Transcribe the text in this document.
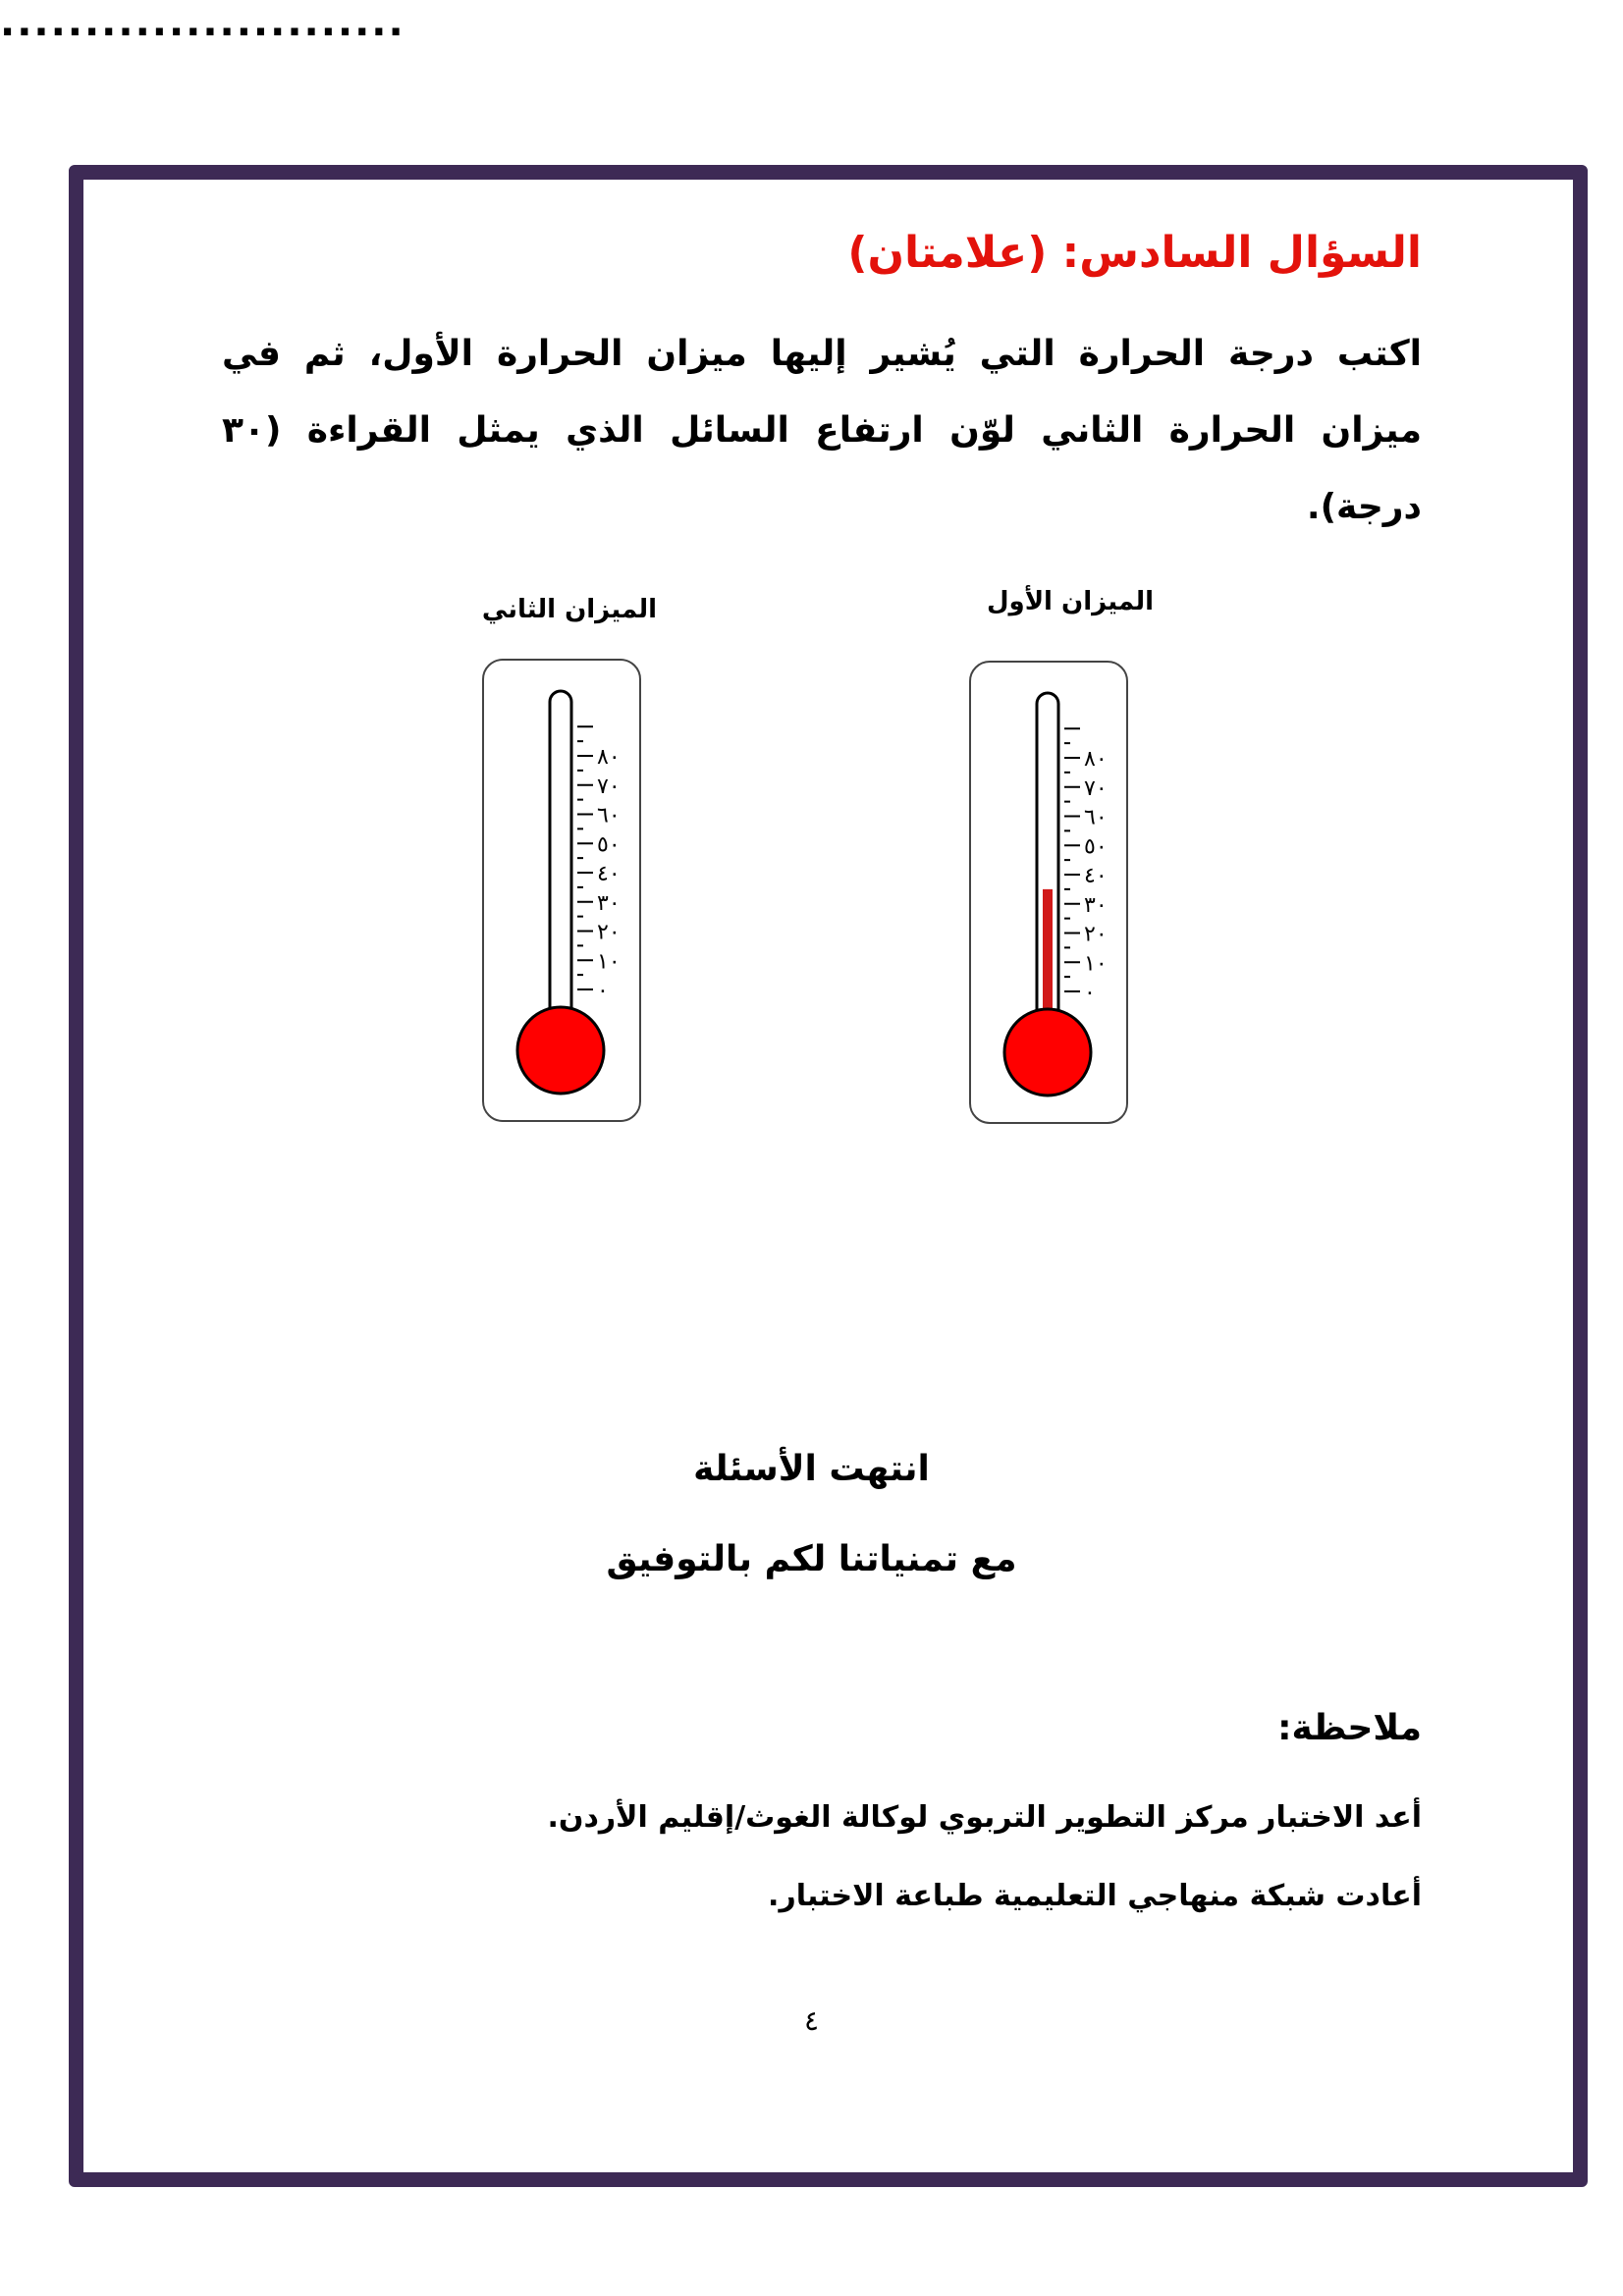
السؤال السادس: (علامتان)
اكتب درجة الحرارة التي يُشير إليها ميزان الحرارة الأول، ثم في ميزان الحرارة الثاني لوّن ارتفاع السائل الذي يمثل القراءة (٣٠ درجة).
الميزان الأول
٨٠
٧٠
٦٠
٥٠
٤٠
٣٠
٢٠
١٠
٠
الميزان الثاني
٨٠
٧٠
٦٠
٥٠
٤٠
٣٠
٢٠
١٠
٠
........................
انتهت الأسئلة
مع تمنياتنا لكم بالتوفيق
ملاحظة:
أعد الاختبار مركز التطوير التربوي لوكالة الغوث/إقليم الأردن.
أعادت شبكة منهاجي التعليمية طباعة الاختبار.
٤
